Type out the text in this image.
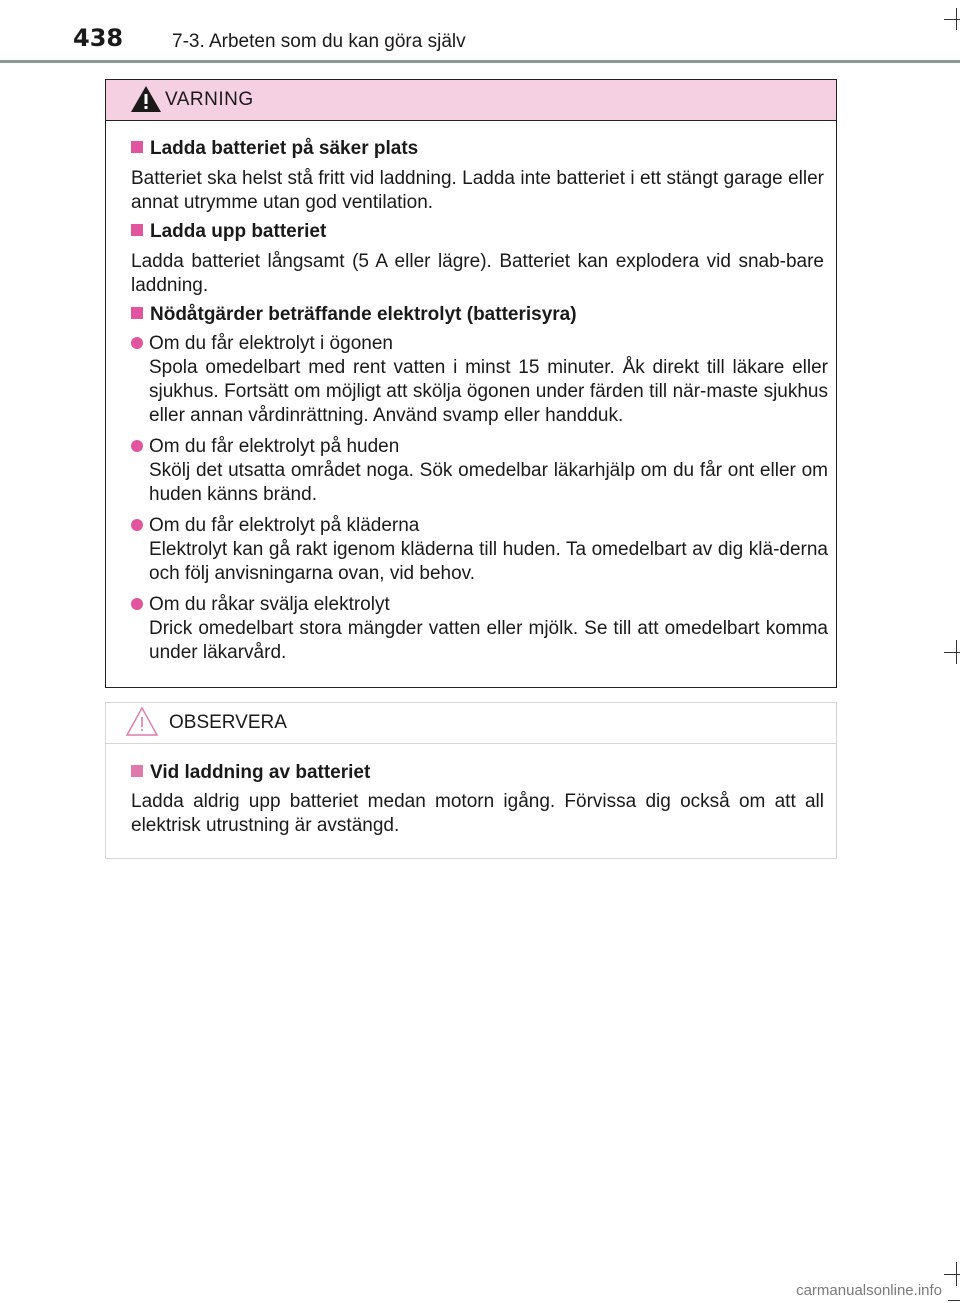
438	7-3. Arbeten som du kan göra själv
VARNING
Ladda batteriet på säker plats
Batteriet ska helst stå fritt vid laddning. Ladda inte batteriet i ett stängt garage eller annat utrymme utan god ventilation.
Ladda upp batteriet
Ladda batteriet långsamt (5 A eller lägre). Batteriet kan explodera vid snab-bare laddning.
Nödåtgärder beträffande elektrolyt (batterisyra)
Om du får elektrolyt i ögonen
Spola omedelbart med rent vatten i minst 15 minuter. Åk direkt till läkare eller sjukhus. Fortsätt om möjligt att skölja ögonen under färden till när-maste sjukhus eller annan vårdinrättning. Använd svamp eller handduk.
Om du får elektrolyt på huden
Skölj det utsatta området noga. Sök omedelbar läkarhjälp om du får ont eller om huden känns bränd.
Om du får elektrolyt på kläderna
Elektrolyt kan gå rakt igenom kläderna till huden. Ta omedelbart av dig klä-derna och följ anvisningarna ovan, vid behov.
Om du råkar svälja elektrolyt
Drick omedelbart stora mängder vatten eller mjölk. Se till att omedelbart komma under läkarvård.
OBSERVERA
Vid laddning av batteriet
Ladda aldrig upp batteriet medan motorn igång. Förvissa dig också om att all elektrisk utrustning är avstängd.
carmanualsonline.info
